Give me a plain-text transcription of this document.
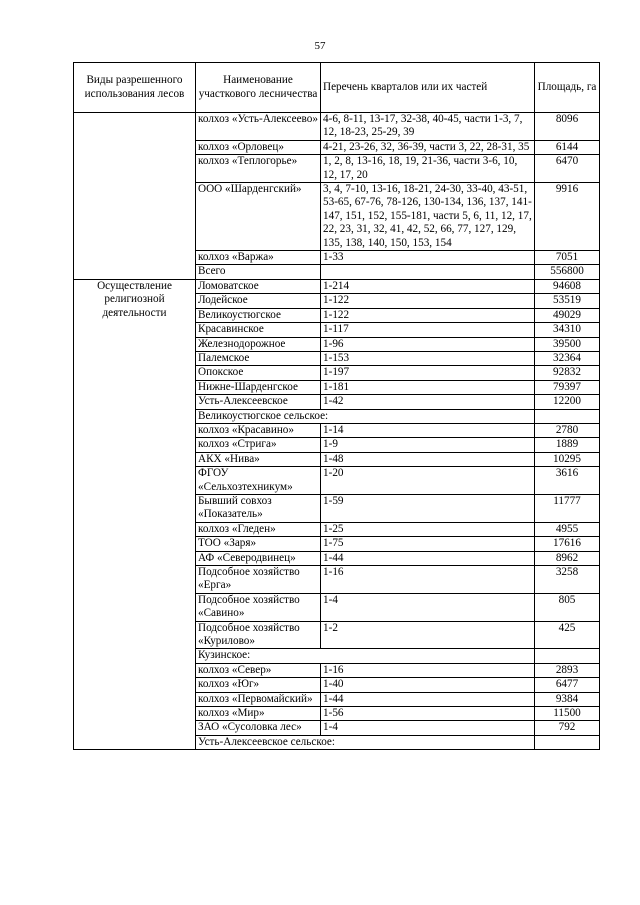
57
Виды разрешенного использования лесов	Наименование участкового лесничества	Перечень кварталов или их частей	Площадь, га
	колхоз «Усть-Алексеево»	4-6, 8-11, 13-17, 32-38, 40-45, части 1-3, 7, 12, 18-23, 25-29, 39	8096
	колхоз «Орловец»	4-21, 23-26, 32, 36-39, части 3, 22, 28-31, 35	6144
	колхоз «Теплогорье»	1, 2, 8, 13-16, 18, 19, 21-36, части 3-6, 10, 12, 17, 20	6470
	ООО «Шарденгский»	3, 4, 7-10, 13-16, 18-21, 24-30, 33-40, 43-51, 53-65, 67-76, 78-126, 130-134, 136, 137, 141-147, 151, 152, 155-181, части 5, 6, 11, 12, 17, 22, 23, 31, 32, 41, 42, 52, 66, 77, 127, 129, 135, 138, 140, 150, 153, 154	9916
	колхоз «Варжа»	1-33	7051
	Всего		556800
Осуществление религиозной деятельности	Ломоватское	1-214	94608
	Лодейское	1-122	53519
	Великоустюгское	1-122	49029
	Красавинское	1-117	34310
	Железнодорожное	1-96	39500
	Палемское	1-153	32364
	Опокское	1-197	92832
	Нижне-Шарденгское	1-181	79397
	Усть-Алексеевское	1-42	12200
	Великоустюгское сельское:		
	колхоз «Красавино»	1-14	2780
	колхоз «Стрига»	1-9	1889
	АКХ «Нива»	1-48	10295
	ФГОУ «Сельхозтехникум»	1-20	3616
	Бывший совхоз «Показатель»	1-59	11777
	колхоз «Гледен»	1-25	4955
	ТОО «Заря»	1-75	17616
	АФ «Северодвинец»	1-44	8962
	Подсобное хозяйство «Ерга»	1-16	3258
	Подсобное хозяйство «Савино»	1-4	805
	Подсобное хозяйство «Курилово»	1-2	425
	Кузинское:		
	колхоз «Север»	1-16	2893
	колхоз «Юг»	1-40	6477
	колхоз «Первомайский»	1-44	9384
	колхоз «Мир»	1-56	11500
	ЗАО «Сусоловка лес»	1-4	792
	Усть-Алексеевское сельское:		
